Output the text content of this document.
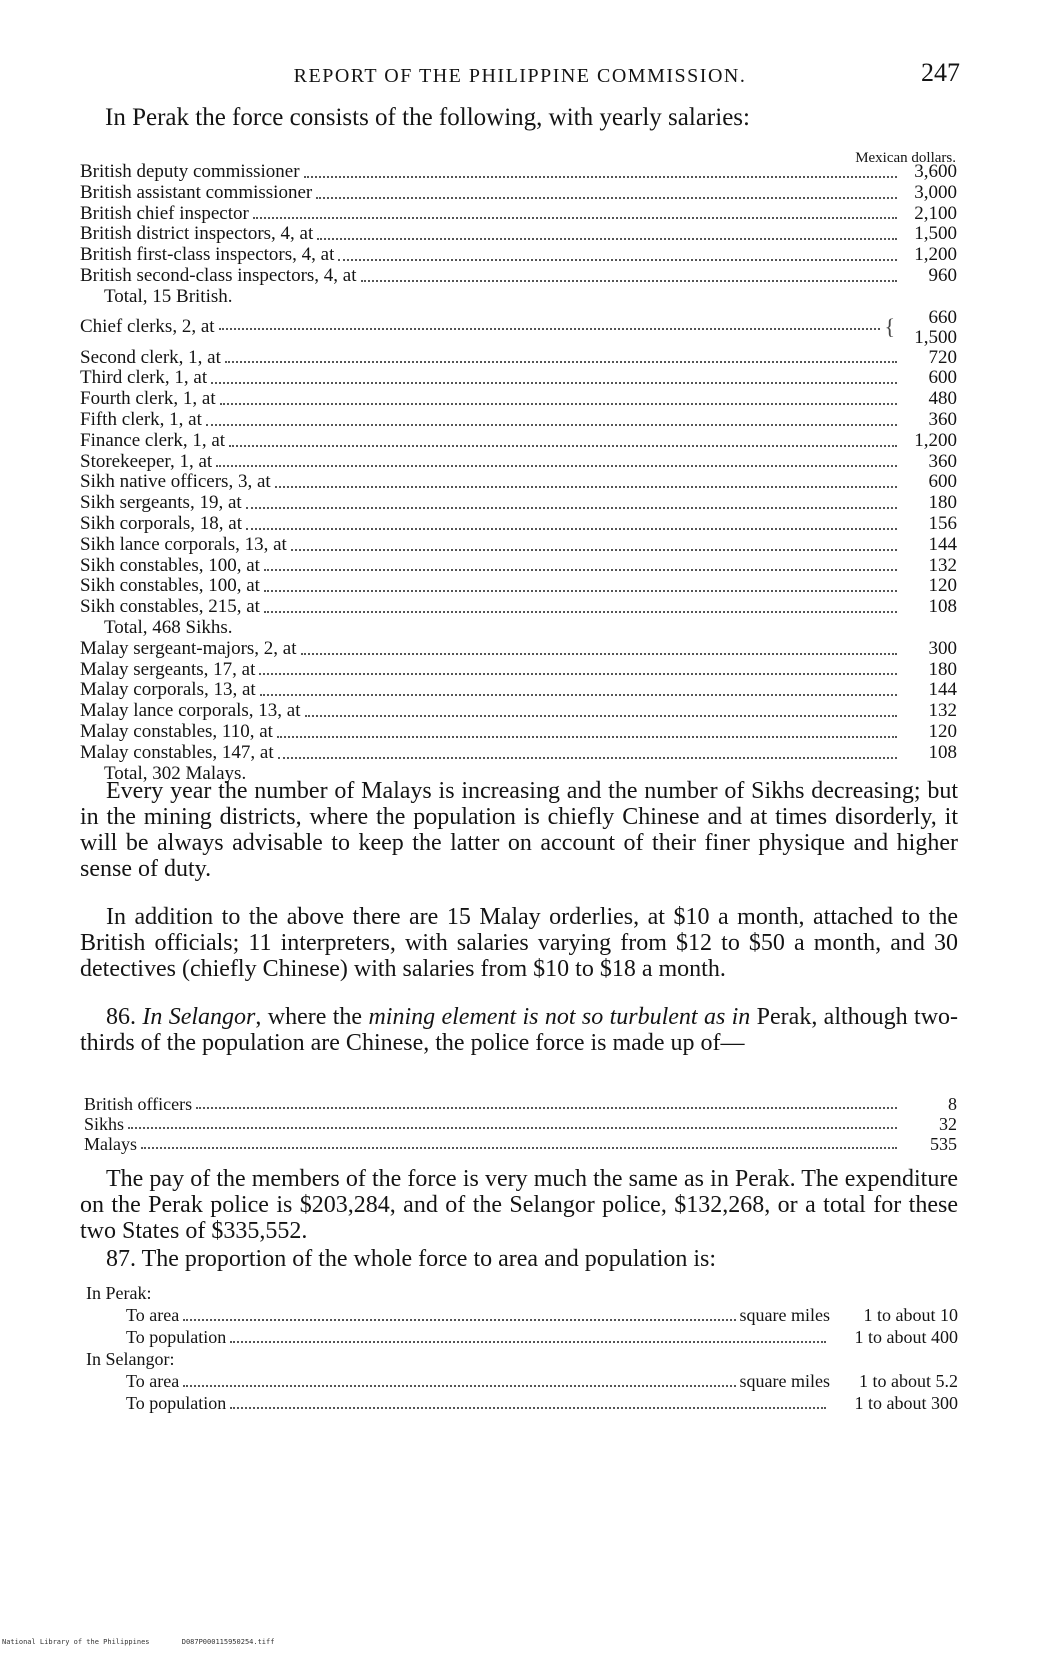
REPORT OF THE PHILIPPINE COMMISSION.	247
In Perak the force consists of the following, with yearly salaries:
Mexican dollars.
British deputy commissioner	3,600
British assistant commissioner	3,000
British chief inspector	2,100
British district inspectors, 4, at	1,500
British first-class inspectors, 4, at	1,200
British second-class inspectors, 4, at	960
Total, 15 British.
Chief clerks, 2, at	{	660
1,500
Second clerk, 1, at	720
Third clerk, 1, at	600
Fourth clerk, 1, at	480
Fifth clerk, 1, at	360
Finance clerk, 1, at	1,200
Storekeeper, 1, at	360
Sikh native officers, 3, at	600
Sikh sergeants, 19, at	180
Sikh corporals, 18, at	156
Sikh lance corporals, 13, at	144
Sikh constables, 100, at	132
Sikh constables, 100, at	120
Sikh constables, 215, at	108
Total, 468 Sikhs.
Malay sergeant-majors, 2, at	300
Malay sergeants, 17, at	180
Malay corporals, 13, at	144
Malay lance corporals, 13, at	132
Malay constables, 110, at	120
Malay constables, 147, at	108
Total, 302 Malays.
Every year the number of Malays is increasing and the number of Sikhs decreasing; but in the mining districts, where the population is chiefly Chinese and at times disorderly, it will be always advisable to keep the latter on account of their finer physique and higher sense of duty.
In addition to the above there are 15 Malay orderlies, at $10 a month, attached to the British officials; 11 interpreters, with salaries varying from $12 to $50 a month, and 30 detectives (chiefly Chinese) with salaries from $10 to $18 a month.
86. In Selangor, where the mining element is not so turbulent as in Perak, although two-thirds of the population are Chinese, the police force is made up of—
British officers	8
Sikhs	32
Malays	535
The pay of the members of the force is very much the same as in Perak. The expenditure on the Perak police is $203,284, and of the Selangor police, $132,268, or a total for these two States of $335,552.
87. The proportion of the whole force to area and population is:
In Perak:
To area	square miles	1 to about 10
To population	1 to about 400
In Selangor:
To area	square miles	1 to about 5.2
To population	1 to about 300
National Library of the Philippines	D087P000115950254.tiff
